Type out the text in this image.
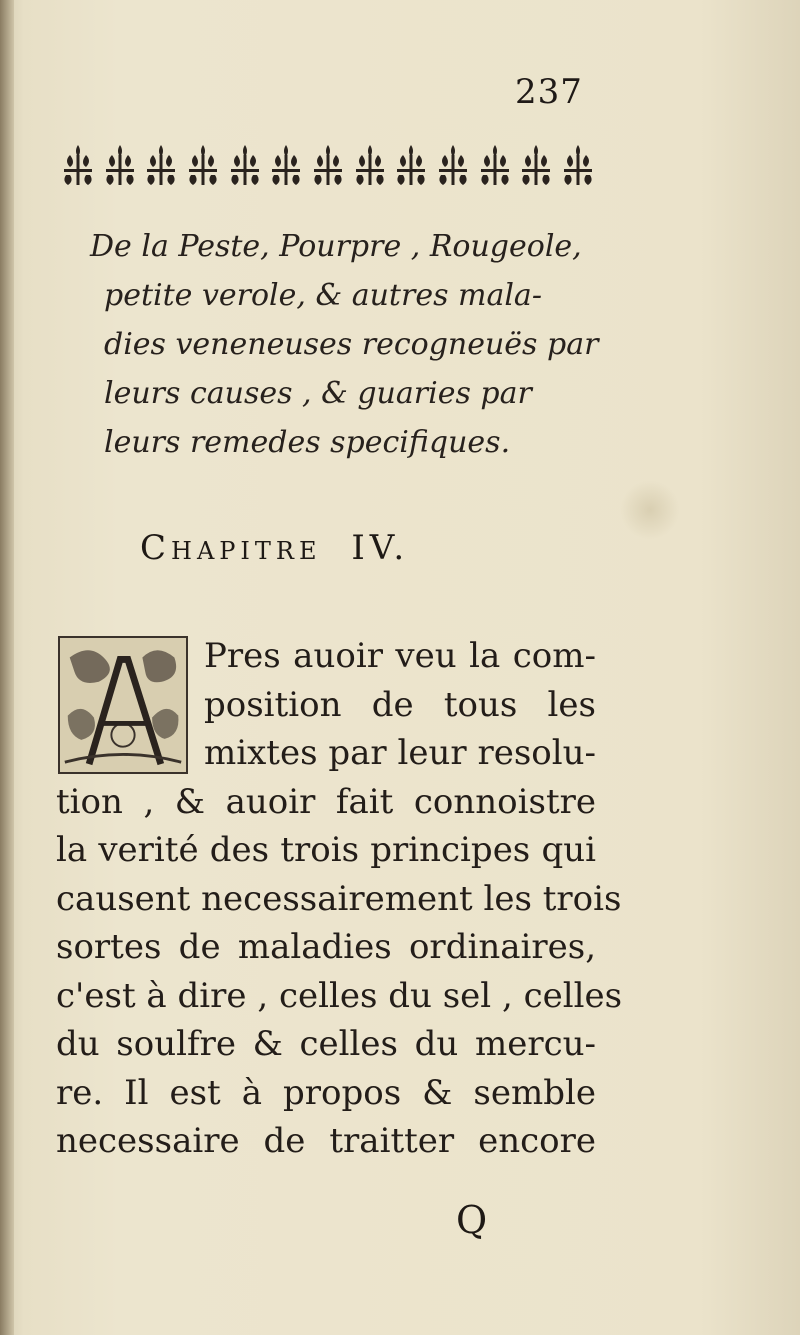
237
De la Peste, Pourpre , Rougeole,
petite verole, & autres mala-
dies veneneuses recogneuës par
leurs causes , & guaries par
leurs remedes specifiques.
Chapitre IV.
Pres auoir veu la com-
position de tous les
mixtes par leur resolu-
tion , & auoir fait connoistre
la verité des trois principes qui
causent necessairement les trois
sortes de maladies ordinaires,
c'est à dire , celles du sel , celles
du soulfre & celles du mercu-
re. Il est à propos & semble
necessaire de traitter encore
Q
